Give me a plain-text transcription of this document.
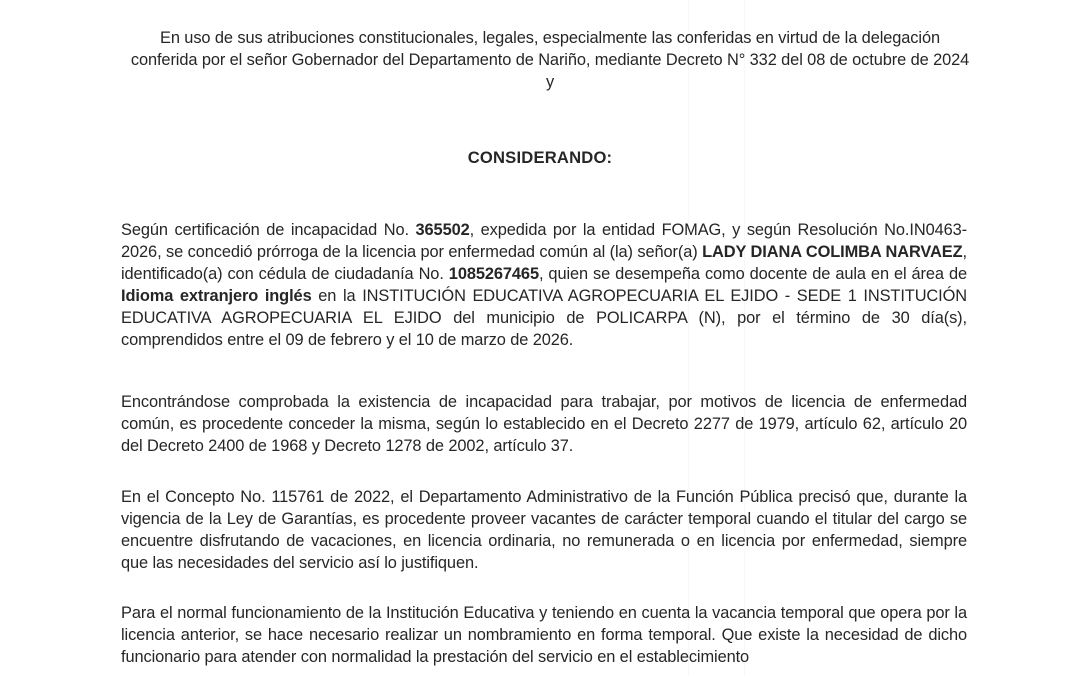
En uso de sus atribuciones constitucionales, legales, especialmente las conferidas en virtud de la delegación conferida por el señor Gobernador del Departamento de Nariño, mediante Decreto N° 332 del 08 de octubre de 2024 y
CONSIDERANDO:
Según certificación de incapacidad No. 365502, expedida por la entidad FOMAG, y según Resolución No.IN0463-2026, se concedió prórroga de la licencia por enfermedad común al (la) señor(a) LADY DIANA COLIMBA NARVAEZ, identificado(a) con cédula de ciudadanía No. 1085267465, quien se desempeña como docente de aula en el área de Idioma extranjero inglés en la INSTITUCIÓN EDUCATIVA AGROPECUARIA EL EJIDO - SEDE 1 INSTITUCIÓN EDUCATIVA AGROPECUARIA EL EJIDO del municipio de POLICARPA (N), por el término de 30 día(s), comprendidos entre el 09 de febrero y el 10 de marzo de 2026.
Encontrándose comprobada la existencia de incapacidad para trabajar, por motivos de licencia de enfermedad común, es procedente conceder la misma, según lo establecido en el Decreto 2277 de 1979, artículo 62, artículo 20 del Decreto 2400 de 1968 y Decreto 1278 de 2002, artículo 37.
En el Concepto No. 115761 de 2022, el Departamento Administrativo de la Función Pública precisó que, durante la vigencia de la Ley de Garantías, es procedente proveer vacantes de carácter temporal cuando el titular del cargo se encuentre disfrutando de vacaciones, en licencia ordinaria, no remunerada o en licencia por enfermedad, siempre que las necesidades del servicio así lo justifiquen.
Para el normal funcionamiento de la Institución Educativa y teniendo en cuenta la vacancia temporal que opera por la licencia anterior, se hace necesario realizar un nombramiento en forma temporal. Que existe la necesidad de dicho funcionario para atender con normalidad la prestación del servicio en el establecimiento
